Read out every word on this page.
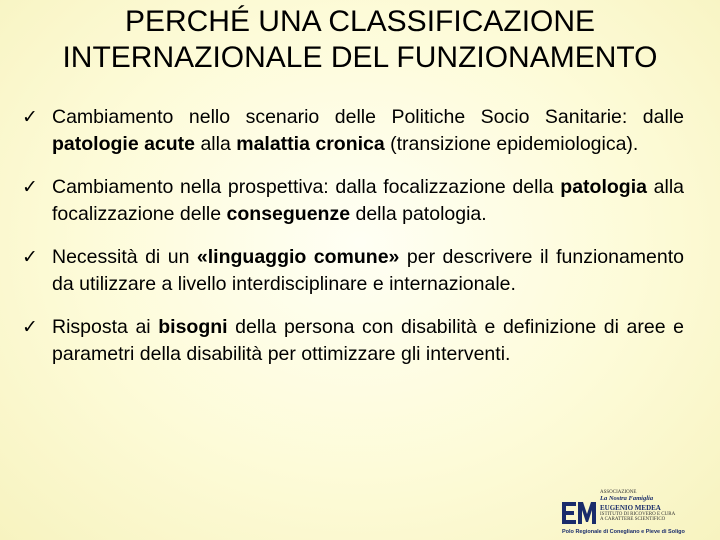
PERCHÉ UNA CLASSIFICAZIONE
INTERNAZIONALE DEL FUNZIONAMENTO
✓ Cambiamento nello scenario delle Politiche Socio Sanitarie: dalle patologie acute alla malattia cronica (transizione epidemiologica).
✓ Cambiamento nella prospettiva: dalla focalizzazione della patologia alla focalizzazione delle conseguenze della patologia.
✓ Necessità di un «linguaggio comune» per descrivere il funzionamento da utilizzare a livello interdisciplinare e internazionale.
✓ Risposta ai bisogni della persona con disabilità e definizione di aree e parametri della disabilità per ottimizzare gli interventi.
ASSOCIAZIONE
La Nostra Famiglia
EUGENIO MEDEA
ISTITUTO DI RICOVERO E CURA
A CARATTERE SCIENTIFICO
Polo Regionale di Conegliano e Pieve di Soligo
